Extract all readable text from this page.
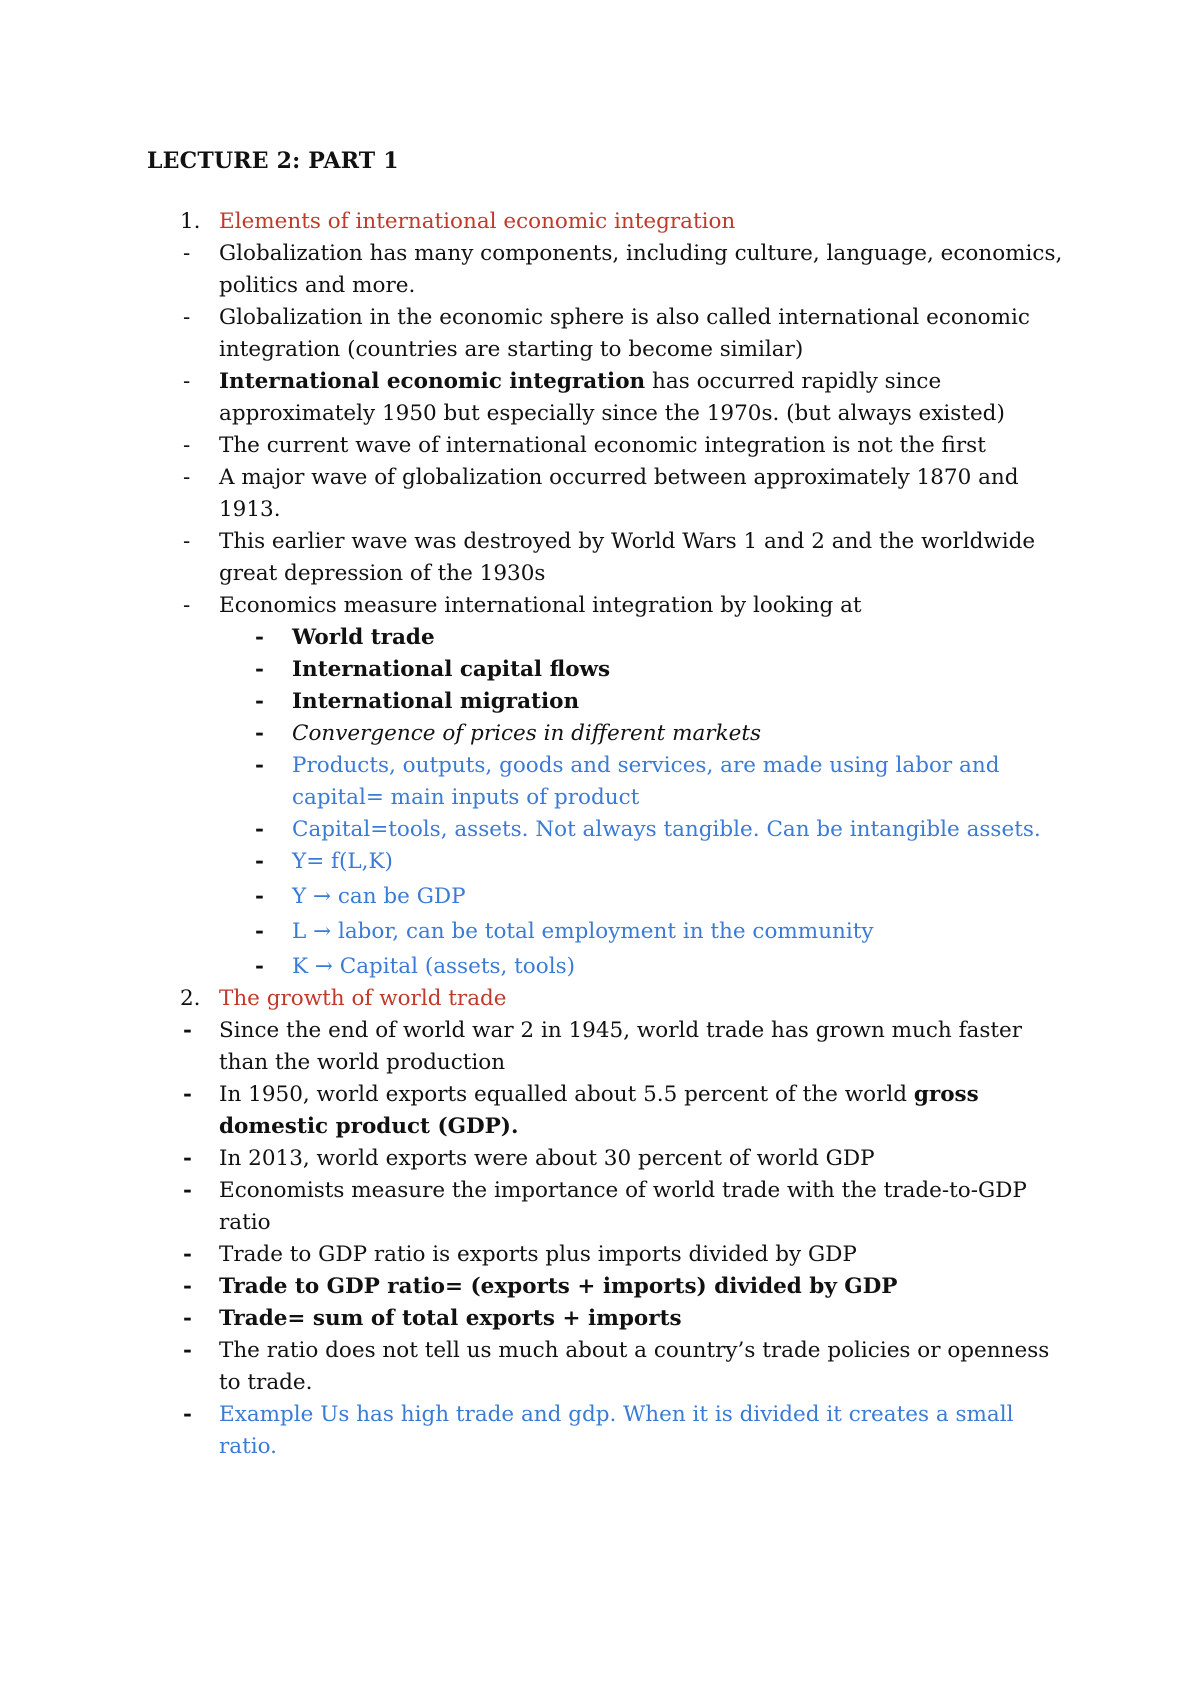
LECTURE 2: PART 1
1. Elements of international economic integration
-	Globalization has many components, including culture, language, economics, politics and more.
-	Globalization in the economic sphere is also called international economic integration (countries are starting to become similar)
-	International economic integration has occurred rapidly since approximately 1950 but especially since the 1970s. (but always existed)
-	The current wave of international economic integration is not the first
-	A major wave of globalization occurred between approximately 1870 and 1913.
-	This earlier wave was destroyed by World Wars 1 and 2 and the worldwide great depression of the 1930s
-	Economics measure international integration by looking at
-	World trade
-	International capital flows
-	International migration
-	Convergence of prices in different markets
-	Products, outputs, goods and services, are made using labor and capital= main inputs of product
-	Capital=tools, assets. Not always tangible. Can be intangible assets.
-	Y= f(L,K)
-	Y → can be GDP
-	L → labor, can be total employment in the community
-	K → Capital (assets, tools)
2. The growth of world trade
-	Since the end of world war 2 in 1945, world trade has grown much faster than the world production
-	In 1950, world exports equalled about 5.5 percent of the world gross domestic product (GDP).
-	In 2013, world exports were about 30 percent of world GDP
-	Economists measure the importance of world trade with the trade-to-GDP ratio
-	Trade to GDP ratio is exports plus imports divided by GDP
-	Trade to GDP ratio= (exports + imports) divided by GDP
-	Trade= sum of total exports + imports
-	The ratio does not tell us much about a country’s trade policies or openness to trade.
-	Example Us has high trade and gdp. When it is divided it creates a small ratio.
